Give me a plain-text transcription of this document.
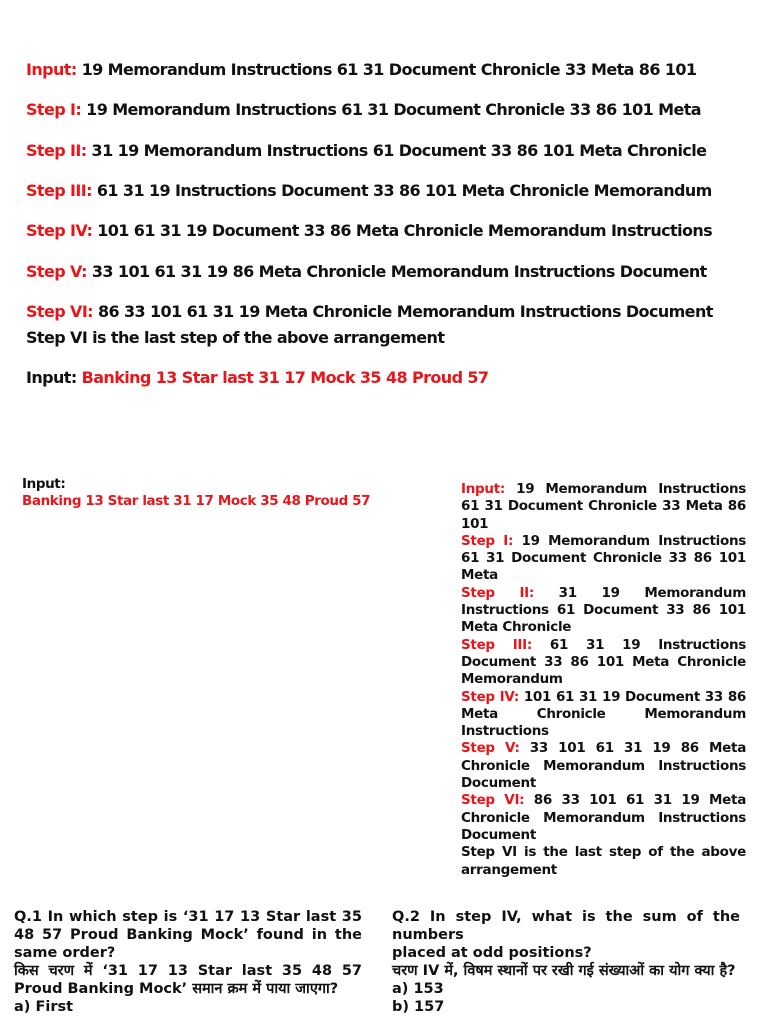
Input: 19 Memorandum Instructions 61 31 Document Chronicle 33 Meta 86 101
Step I: 19 Memorandum Instructions 61 31 Document Chronicle 33 86 101 Meta
Step II: 31 19 Memorandum Instructions 61 Document 33 86 101 Meta Chronicle
Step III: 61 31 19 Instructions Document 33 86 101 Meta Chronicle Memorandum
Step IV: 101 61 31 19 Document 33 86 Meta Chronicle Memorandum Instructions
Step V: 33 101 61 31 19 86 Meta Chronicle Memorandum Instructions Document
Step VI: 86 33 101 61 31 19 Meta Chronicle Memorandum Instructions Document
Step VI is the last step of the above arrangement
Input: Banking 13 Star last 31 17 Mock 35 48 Proud 57
Input:
Banking 13 Star last 31 17 Mock 35 48 Proud 57

Input: 19 Memorandum Instructions 61 31 Document Chronicle 33 Meta 86 101

Step I: 19 Memorandum Instructions 61 31 Document Chronicle 33 86 101 Meta

Step II: 31 19 Memorandum Instructions 61 Document 33 86 101 Meta Chronicle

Step III: 61 31 19 Instructions Document 33 86 101 Meta Chronicle Memorandum

Step IV: 101 61 31 19 Document 33 86 Meta Chronicle Memorandum Instructions

Step V: 33 101 61 31 19 86 Meta Chronicle Memorandum Instructions Document

Step VI: 86 33 101 61 31 19 Meta Chronicle Memorandum Instructions Document

Step VI is the last step of the above arrangement

Q.1 In which step is ‘31 17 13 Star last 35 48 57 Proud Banking Mock’ found in the same order?

किस चरण में ‘31 17 13 Star last 35 48 57 Proud Banking Mock’ समान क्रम में पाया जाएगा?

a) First

Q.2 In step IV, what is the sum of the numbers

placed at odd positions?

चरण IV में, विषम स्थानों पर रखी गई संख्याओं का योग क्या है?

a) 153

b) 157
